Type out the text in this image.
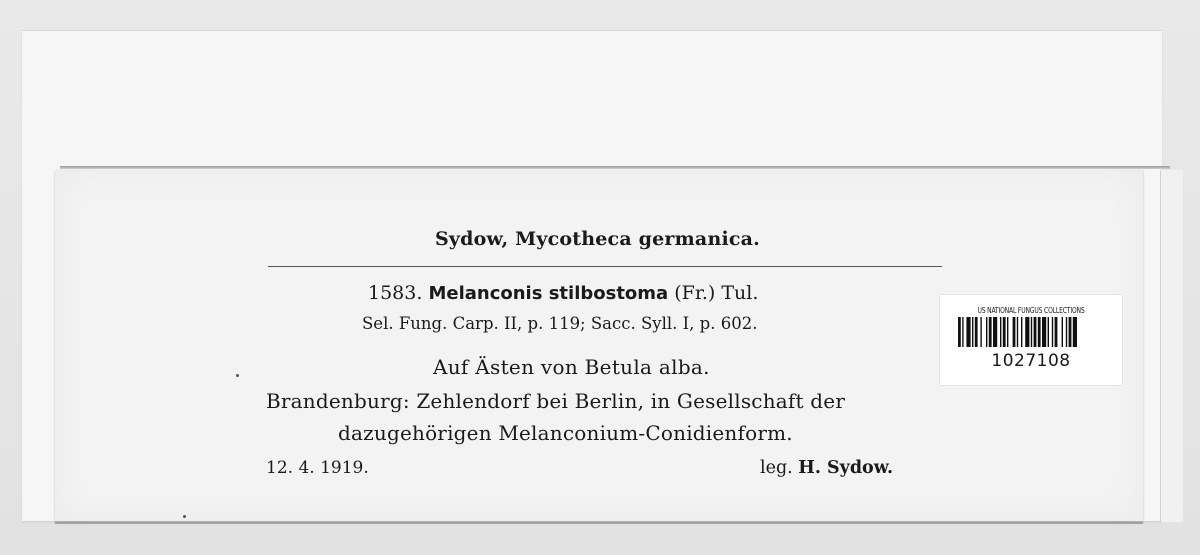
Sydow, Mycotheca germanica.
1583. Melanconis stilbostoma (Fr.) Tul.
Sel. Fung. Carp. II, p. 119; Sacc. Syll. I, p. 602.
Auf Ästen von Betula alba.
Brandenburg: Zehlendorf bei Berlin, in Gesellschaft der
dazugehörigen Melanconium-Conidienform.
12. 4. 1919.	leg. H. Sydow.
US NATIONAL FUNGUS COLLECTIONS
1027108
